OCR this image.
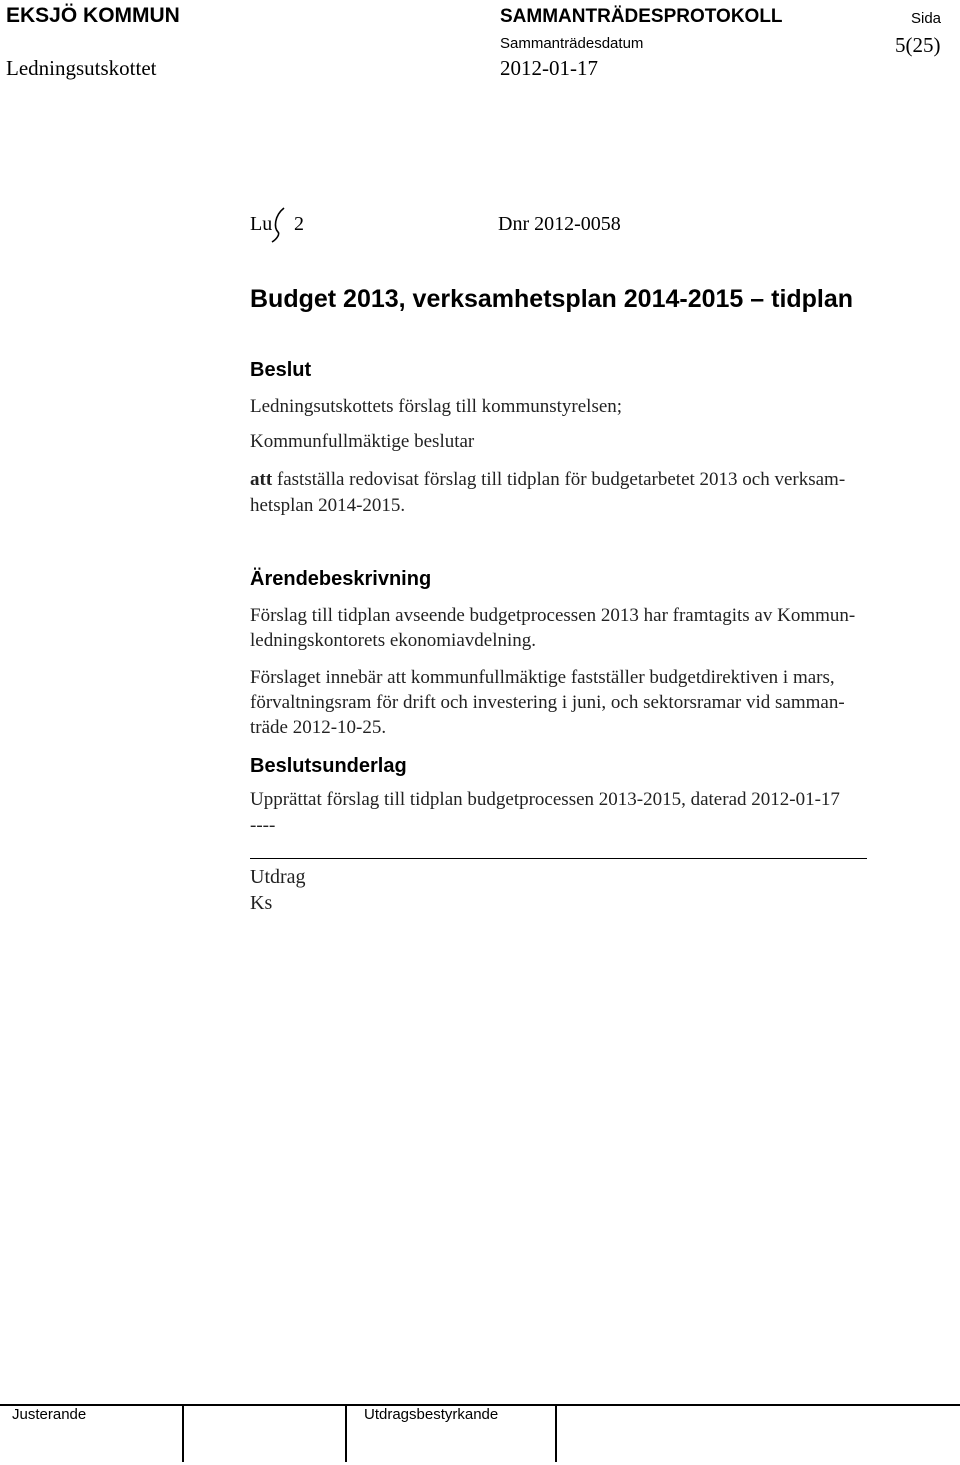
EKSJÖ KOMMUN	SAMMANTRÄDESPROTOKOLL	Sida
Ledningsutskottet
Sammanträdesdatum
2012-01-17
5(25)
Lu 2	Dnr 2012-0058
Budget 2013, verksamhetsplan 2014-2015 – tidplan
Beslut
Ledningsutskottets förslag till kommunstyrelsen;
Kommunfullmäktige beslutar
att fastställa redovisat förslag till tidplan för budgetarbetet 2013 och verksam-
hetsplan 2014-2015.
Ärendebeskrivning
Förslag till tidplan avseende budgetprocessen 2013 har framtagits av Kommun-
ledningskontorets ekonomiavdelning.
Förslaget innebär att kommunfullmäktige fastställer budgetdirektiven i mars,
förvaltningsram för drift och investering i juni, och sektorsramar vid samman-
träde 2012-10-25.
Beslutsunderlag
Upprättat förslag till tidplan budgetprocessen 2013-2015, daterad 2012-01-17
----
Utdrag
Ks
Justerande	Utdragsbestyrkande
